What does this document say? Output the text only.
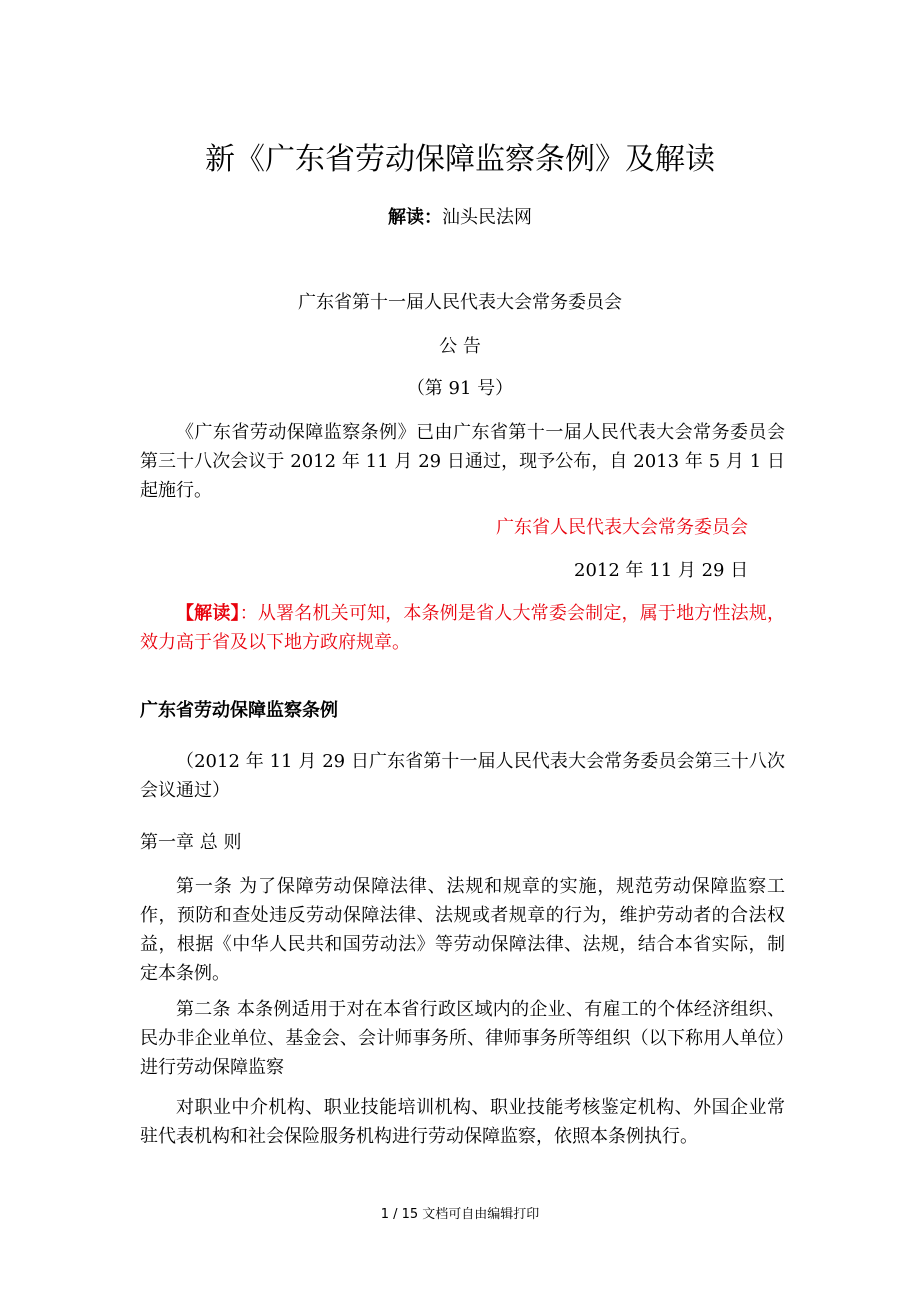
新《广东省劳动保障监察条例》及解读
解读：汕头民法网
广东省第十一届人民代表大会常务委员会
公 告
（第 91 号）
《广东省劳动保障监察条例》已由广东省第十一届人民代表大会常务委员会第三十八次会议于 2012 年 11 月 29 日通过，现予公布，自 2013 年 5 月 1 日起施行。
广东省人民代表大会常务委员会
2012 年 11 月 29 日
【解读】：从署名机关可知，本条例是省人大常委会制定，属于地方性法规，效力高于省及以下地方政府规章。
广东省劳动保障监察条例
（2012 年 11 月 29 日广东省第十一届人民代表大会常务委员会第三十八次会议通过）
第一章 总 则
第一条 为了保障劳动保障法律、法规和规章的实施，规范劳动保障监察工作，预防和查处违反劳动保障法律、法规或者规章的行为，维护劳动者的合法权益，根据《中华人民共和国劳动法》等劳动保障法律、法规，结合本省实际，制定本条例。
第二条 本条例适用于对在本省行政区域内的企业、有雇工的个体经济组织、民办非企业单位、基金会、会计师事务所、律师事务所等组织（以下称用人单位）进行劳动保障监察
对职业中介机构、职业技能培训机构、职业技能考核鉴定机构、外国企业常驻代表机构和社会保险服务机构进行劳动保障监察，依照本条例执行。
1 / 15 文档可自由编辑打印
